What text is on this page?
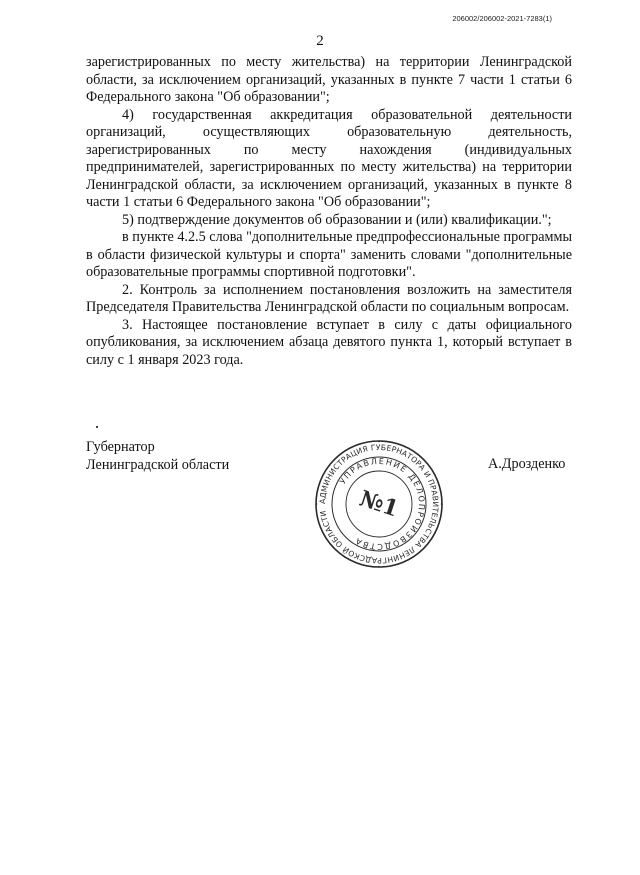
206002/206002-2021-7283(1)
2

зарегистрированных по месту жительства) на территории Ленинградской области, за исключением организаций, указанных в пункте 7 части 1 статьи 6 Федерального закона "Об образовании";

4) государственная аккредитация образовательной деятельности организаций, осуществляющих образовательную деятельность, зарегистрированных по месту нахождения (индивидуальных предпринимателей, зарегистрированных по месту жительства) на территории Ленинградской области, за исключением организаций, указанных в пункте 8 части 1 статьи 6 Федерального закона "Об образовании";

5) подтверждение документов об образовании и (или) квалификации.";

в пункте 4.2.5 слова "дополнительные предпрофессиональные программы в области физической культуры и спорта" заменить словами "дополнительные образовательные программы спортивной подготовки".

2. Контроль за исполнением постановления возложить на заместителя Председателя Правительства Ленинградской области по социальным вопросам.

3. Настоящее постановление вступает в силу с даты официального опубликования, за исключением абзаца девятого пункта 1, который вступает в силу с 1 января 2023 года.

Губернатор
Ленинградской области	А.Дрозденко
АДМИНИСТРАЦИЯ ГУБЕРНАТОРА И ПРАВИТЕЛЬСТВА ЛЕНИНГРАДСКОЙ ОБЛАСТИ
УПРАВЛЕНИЕ ДЕЛОПРОИЗВОДСТВА
№1
